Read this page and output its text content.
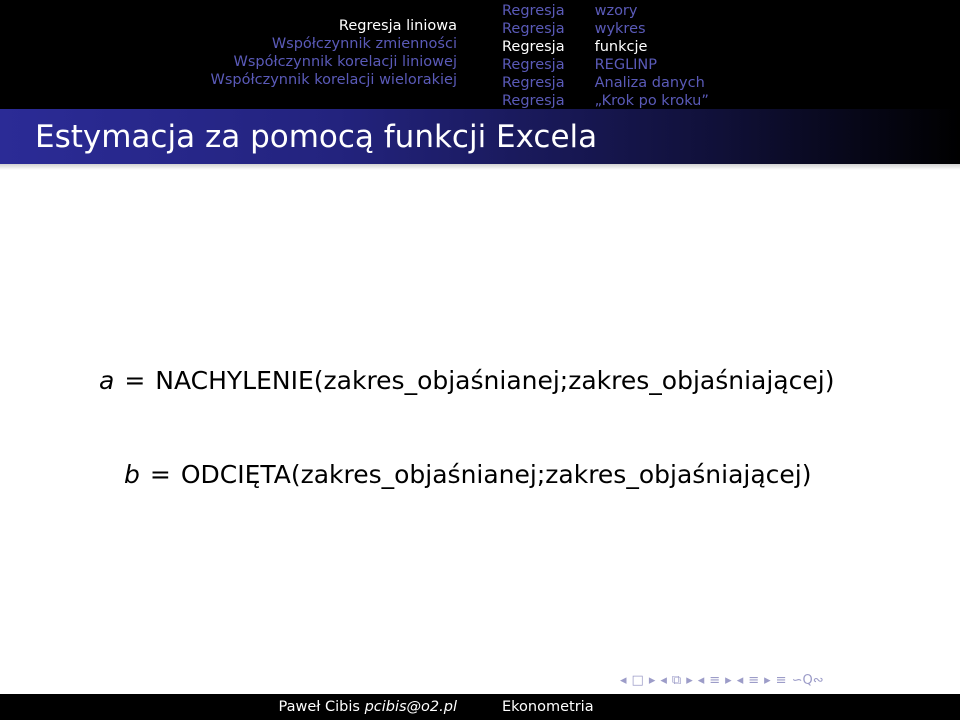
Regresja liniowa
Współczynnik zmienności
Współczynnik korelacji liniowej
Współczynnik korelacji wielorakiej
Regresja wzory
Regresja wykres
Regresja funkcje
Regresja REGLINP
Regresja Analiza danych
Regresja „Krok po kroku”
Estymacja za pomocą funkcji Excela
a = NACHYLENIE(zakres_objaśnianej;zakres_objaśniającej)
b = ODCIĘTA(zakres_objaśnianej;zakres_objaśniającej)
◂ □ ▸ ◂ ⧉ ▸ ◂ ≡ ▸ ◂ ≡ ▸ ≡ ∽Q∾
Paweł Cibis pcibis@o2.pl	Ekonometria
